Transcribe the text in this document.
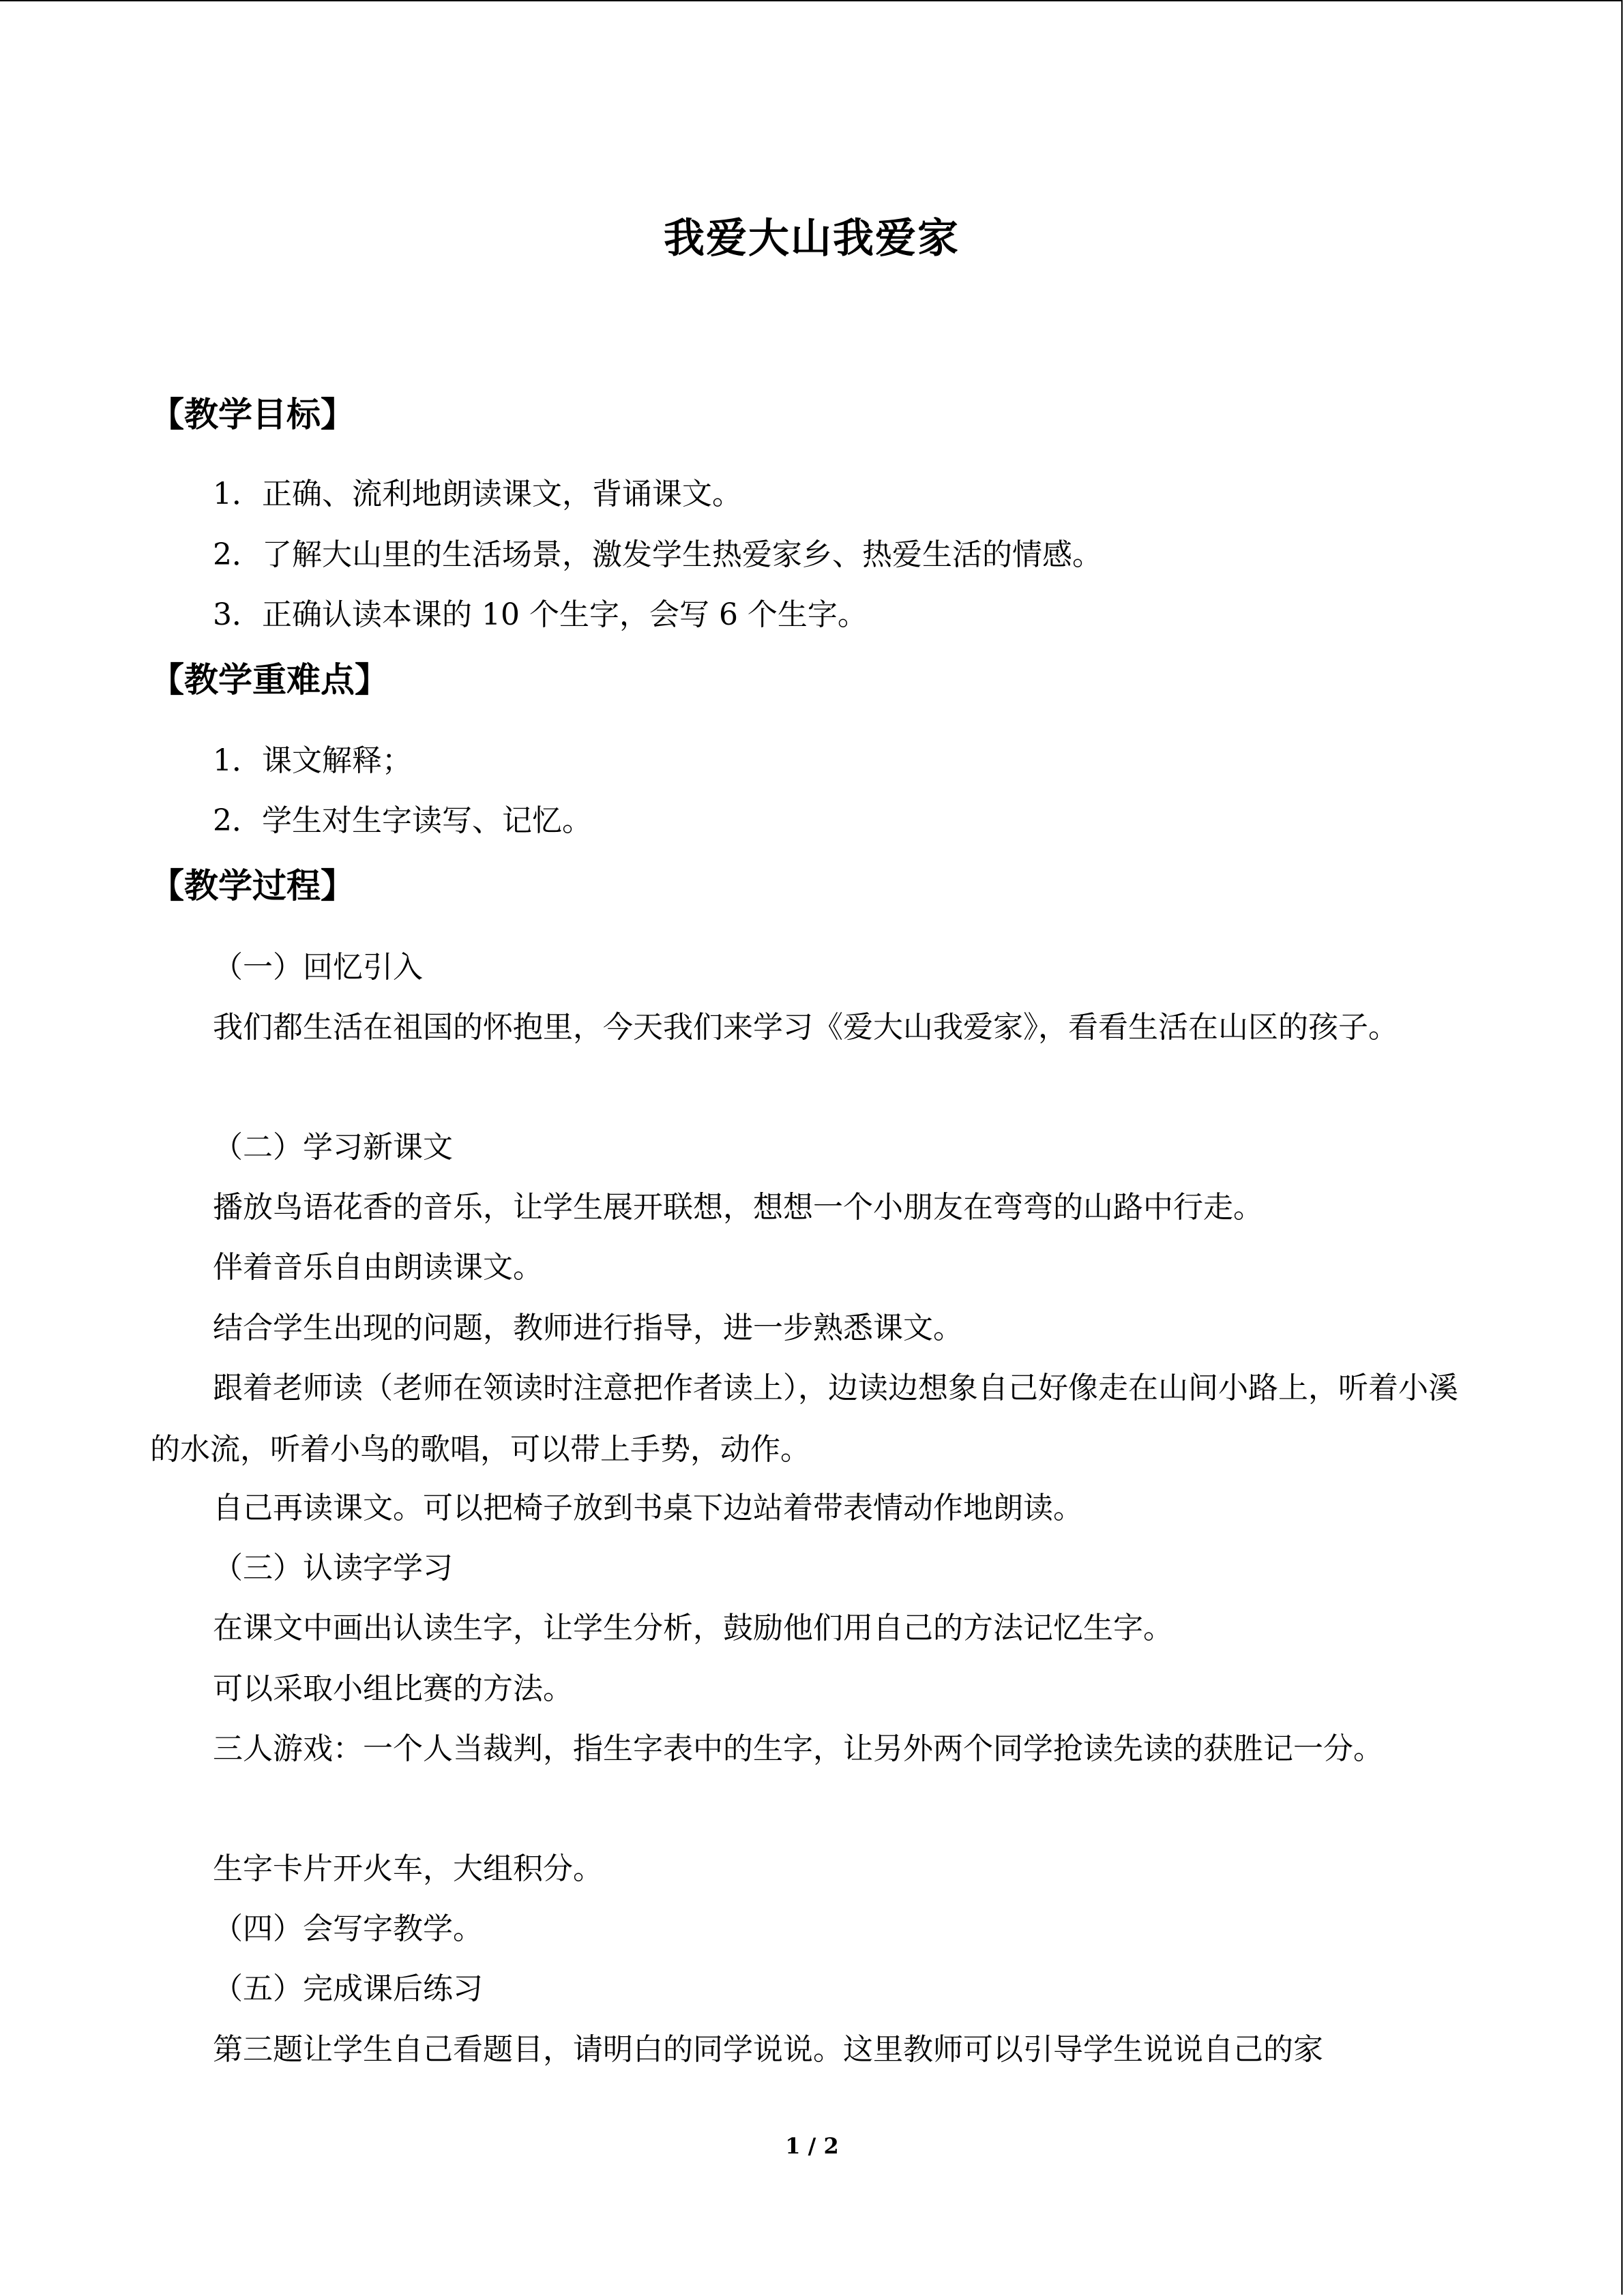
我爱大山我爱家
【教学目标】
1．正确、流利地朗读课文，背诵课文。
2．了解大山里的生活场景，激发学生热爱家乡、热爱生活的情感。
3．正确认读本课的 10 个生字，会写 6 个生字。
【教学重难点】
1．课文解释；
2．学生对生字读写、记忆。
【教学过程】
（一）回忆引入
我们都生活在祖国的怀抱里，今天我们来学习《爱大山我爱家》，看看生活在山区的孩子。
（二）学习新课文
播放鸟语花香的音乐，让学生展开联想，想想一个小朋友在弯弯的山路中行走。
伴着音乐自由朗读课文。
结合学生出现的问题，教师进行指导，进一步熟悉课文。
跟着老师读（老师在领读时注意把作者读上），边读边想象自己好像走在山间小路上，听着小溪的水流，听着小鸟的歌唱，可以带上手势，动作。
自己再读课文。可以把椅子放到书桌下边站着带表情动作地朗读。
（三）认读字学习
在课文中画出认读生字，让学生分析，鼓励他们用自己的方法记忆生字。
可以采取小组比赛的方法。
三人游戏：一个人当裁判，指生字表中的生字，让另外两个同学抢读先读的获胜记一分。
生字卡片开火车，大组积分。
（四）会写字教学。
（五）完成课后练习
第三题让学生自己看题目，请明白的同学说说。这里教师可以引导学生说说自己的家
1 / 2
